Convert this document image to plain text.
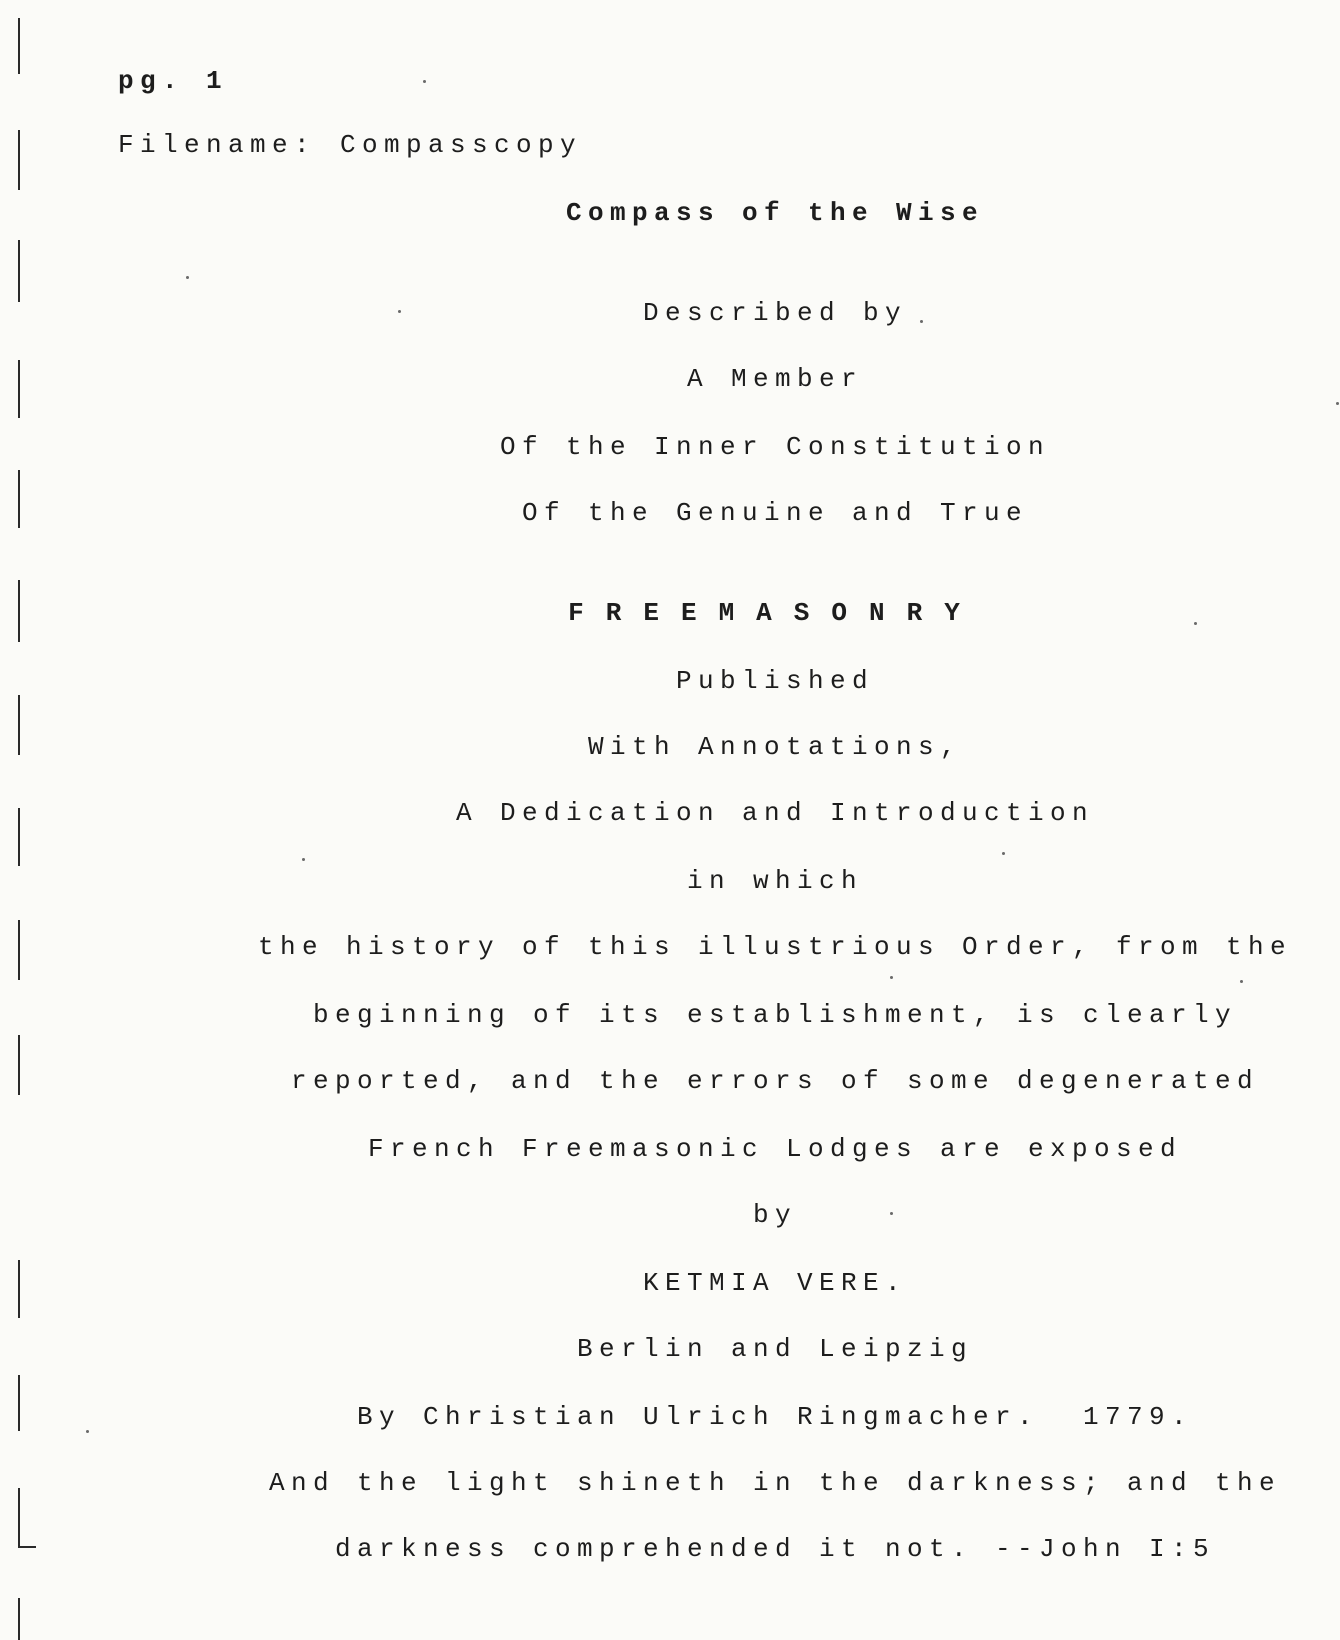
pg. 1
Filename: Compasscopy
Compass of the Wise
Described by
A Member
Of the Inner Constitution
Of the Genuine and True
FREEMASONRY
Published
With Annotations,
A Dedication and Introduction
in which
the history of this illustrious Order, from the
beginning of its establishment, is clearly
reported, and the errors of some degenerated
French Freemasonic Lodges are exposed
by
KETMIA VERE.
Berlin and Leipzig
By Christian Ulrich Ringmacher.  1779.
And the light shineth in the darkness; and the
darkness comprehended it not. --John I:5
